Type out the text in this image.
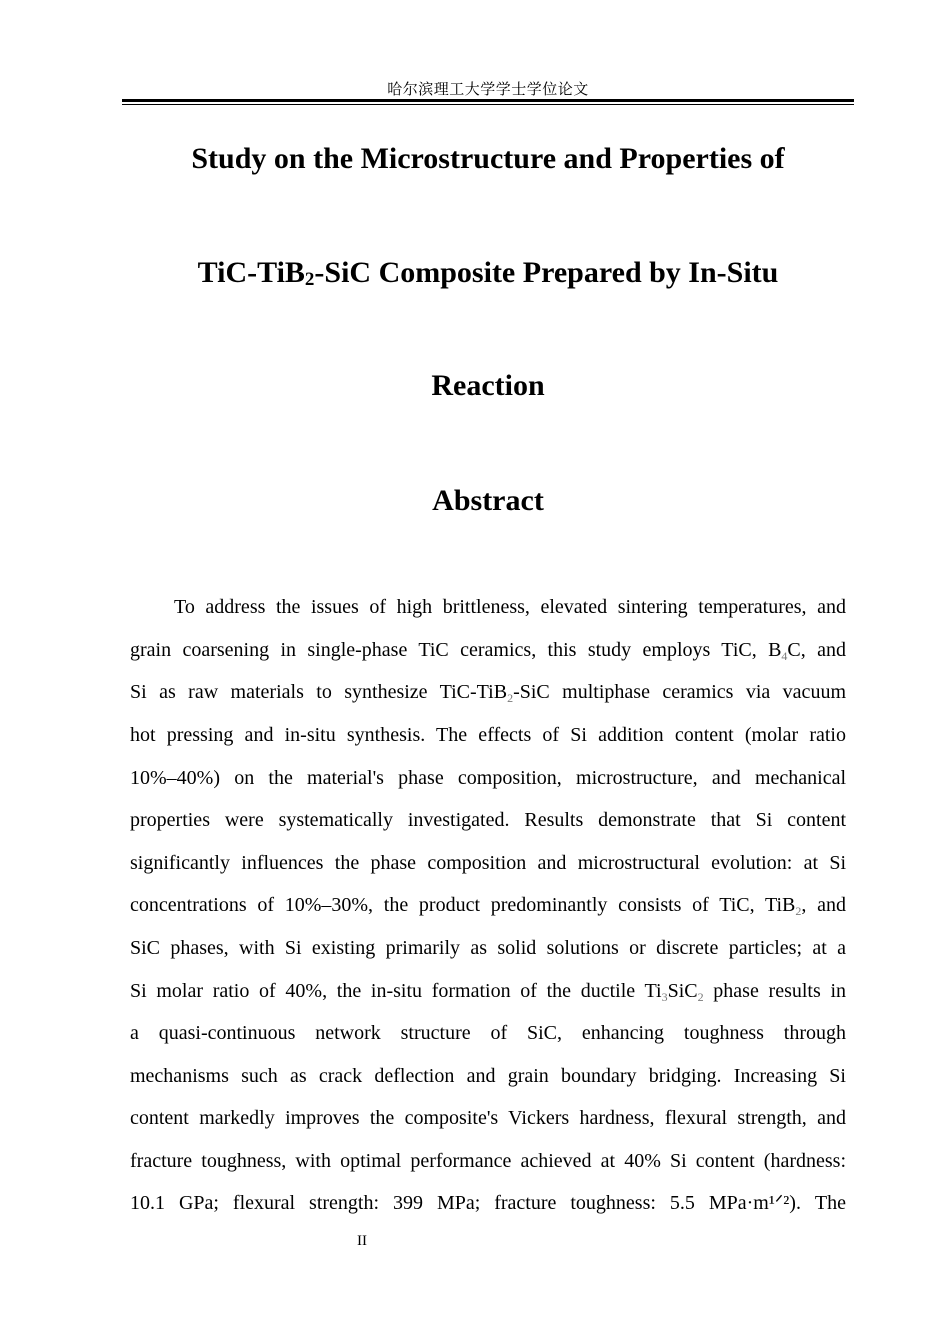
哈尔滨理工大学学士学位论文
Study on the Microstructure and Properties of
TiC-TiB$_2$-SiC Composite Prepared by In-Situ
Reaction
Abstract
To address the issues of high brittleness, elevated sintering temperatures, and
grain coarsening in single-phase TiC ceramics, this study employs TiC, $B_4C$, and
Si as raw materials to synthesize TiC-TiB$_2$-SiC multiphase ceramics via vacuum
hot pressing and in-situ synthesis. The effects of Si addition content (molar ratio
10%–40%) on the material's phase composition, microstructure, and mechanical
properties were systematically investigated. Results demonstrate that Si content
significantly influences the phase composition and microstructural evolution: at Si
concentrations of 10%–30%, the product predominantly consists of TiC, TiB$_2$, and
SiC phases, with Si existing primarily as solid solutions or discrete particles; at a
Si molar ratio of 40%, the in-situ formation of the ductile $Ti_3SiC_2$ phase results in
a quasi-continuous network structure of SiC, enhancing toughness through
mechanisms such as crack deflection and grain boundary bridging. Increasing Si
content markedly improves the composite's Vickers hardness, flexural strength, and
fracture toughness, with optimal performance achieved at 40% Si content (hardness:
10.1 GPa; flexural strength: 399 MPa; fracture toughness: 5.5 MPa·m¹ᐟ²). The
II
